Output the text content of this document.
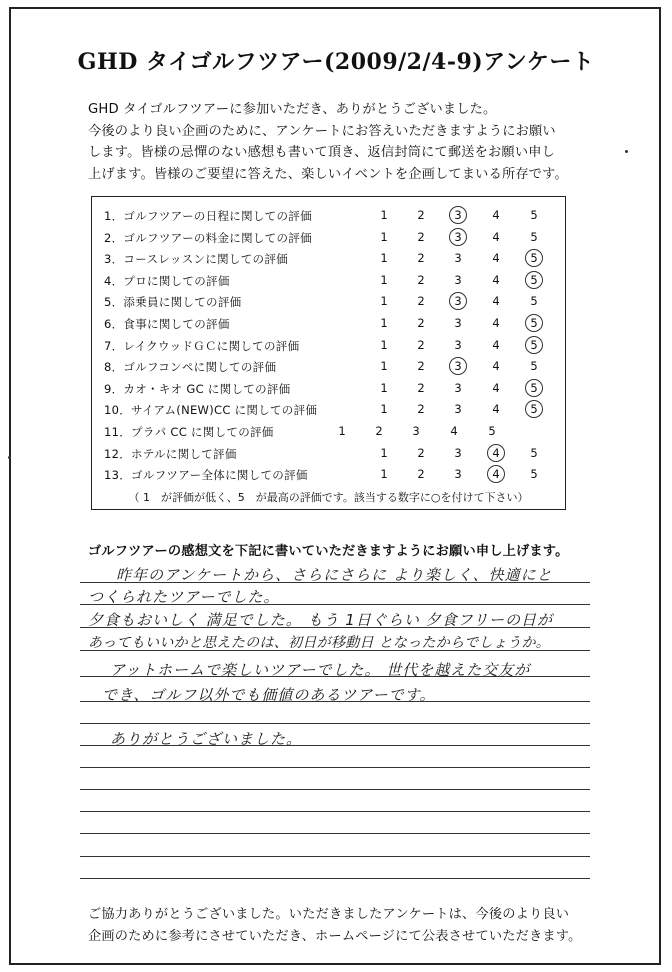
GHD タイゴルフツアー(2009/2/4-9)アンケート
GHD タイゴルフツアーに参加いただき、ありがとうございました。
今後のより良い企画のために、アンケートにお答えいただきますようにお願い
します。皆様の忌憚のない感想も書いて頂き、返信封筒にて郵送をお願い申し
上げます。皆様のご要望に答えた、楽しいイベントを企画してまいる所存です。
（ 1　が評価が低く、5　が最高の評価です。該当する数字に○を付けて下さい）
1．ゴルフツアーの日程に関しての評価	1	2	3	4	5
2．ゴルフツアーの料金に関しての評価	1	2	3	4	5
3．コースレッスンに関しての評価	1	2	3	4	5
4．プロに関しての評価	1	2	3	4	5
5．添乗員に関しての評価	1	2	3	4	5
6．食事に関しての評価	1	2	3	4	5
7．レイクウッドＧＣに関しての評価	1	2	3	4	5
8．ゴルフコンペに関しての評価	1	2	3	4	5
9．カオ・キオ GC に関しての評価	1	2	3	4	5
10．サイアム(NEW)CC に関しての評価	1	2	3	4	5
11．プラパ CC に関しての評価	1	2	3	4	5
12．ホテルに関して評価	1	2	3	4	5
13．ゴルフツアー全体に関しての評価	1	2	3	4	5
ゴルフツアーの感想文を下記に書いていただきますようにお願い申し上げます。
昨年のアンケートから、さらにさらに より楽しく、快適にと
つくられたツアーでした。
夕食もおいしく 満足でした。 もう 1日ぐらい 夕食フリーの日が
あってもいいかと思えたのは、初日が移動日 となったからでしょうか。
アットホームで楽しいツアーでした。 世代を越えた交友が
でき、ゴルフ以外でも価値のあるツアーです。
ありがとうございました。
ご協力ありがとうございました。いただきましたアンケートは、今後のより良い
企画のために参考にさせていただき、ホームページにて公表させていただきます。
